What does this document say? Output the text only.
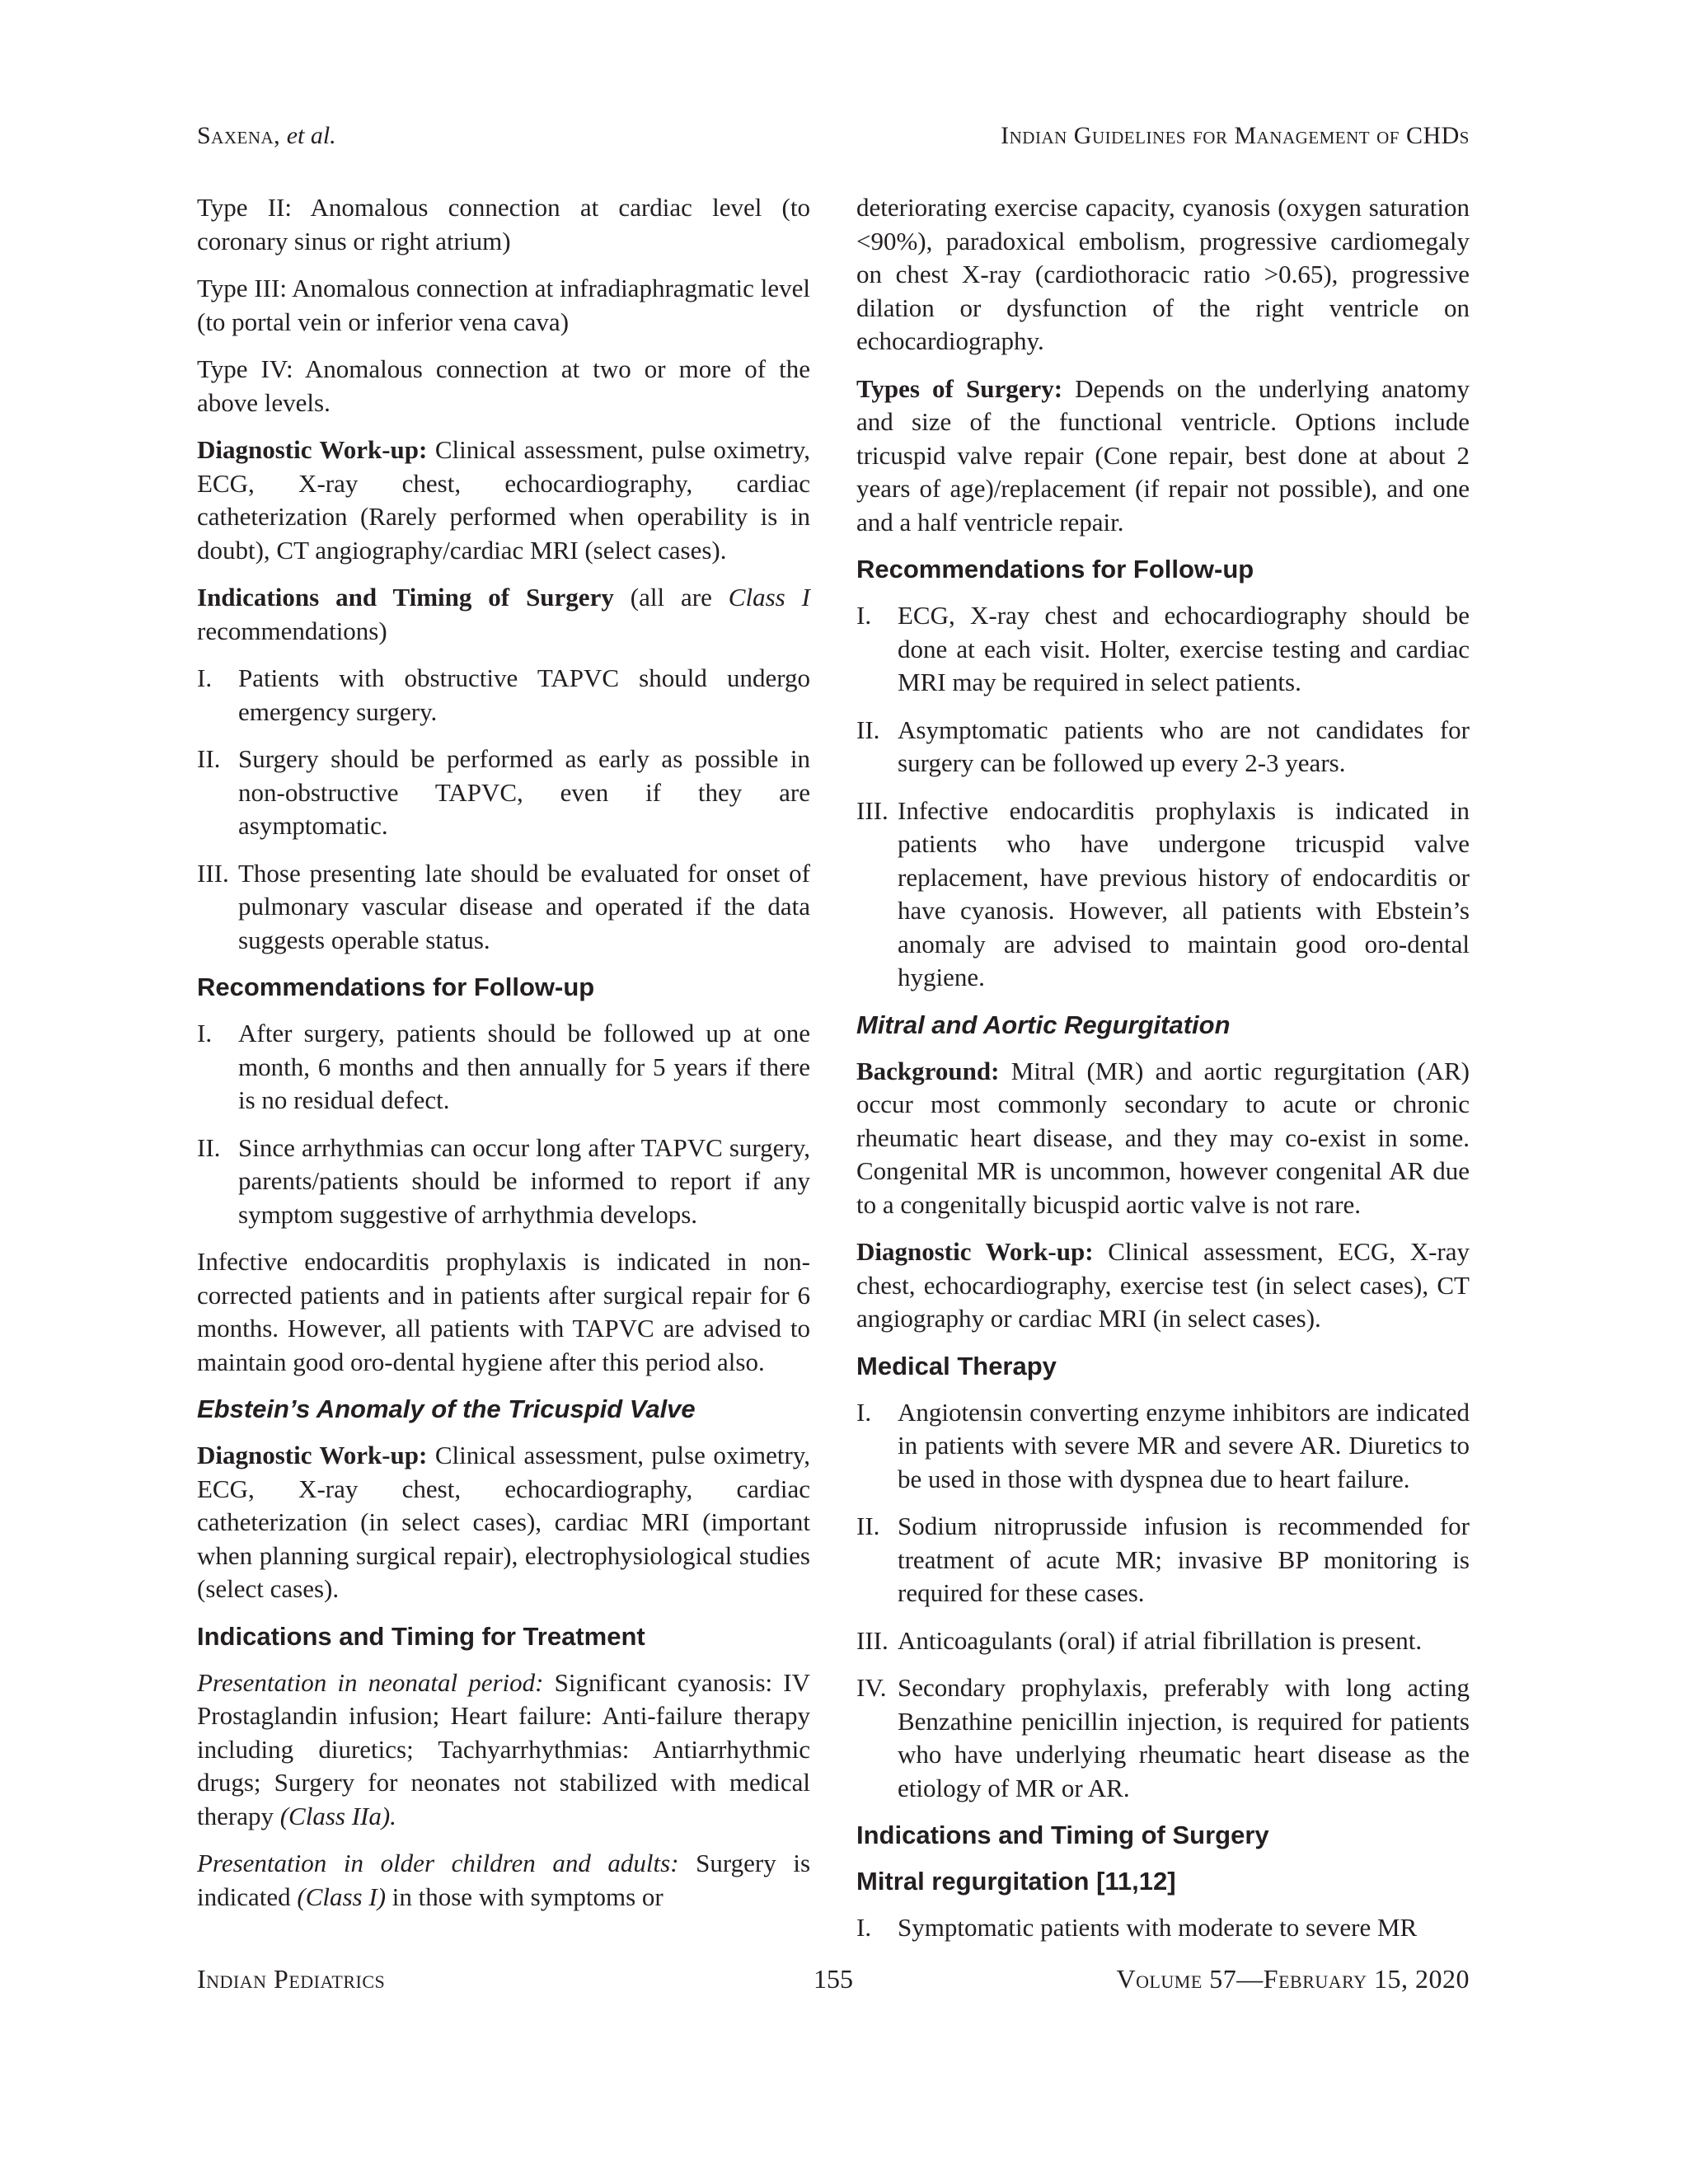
Saxena, et al.	Indian Guidelines for Management of CHDs

Type II: Anomalous connection at cardiac level (to coronary sinus or right atrium)

Type III: Anomalous connection at infradiaphragmatic level (to portal vein or inferior vena cava)

Type IV: Anomalous connection at two or more of the above levels.

Diagnostic Work-up: Clinical assessment, pulse oximetry, ECG, X-ray chest, echocardiography, cardiac catheterization (Rarely performed when operability is in doubt), CT angiography/cardiac MRI (select cases).

Indications and Timing of Surgery (all are Class I recommendations)

I. Patients with obstructive TAPVC should undergo emergency surgery.
II. Surgery should be performed as early as possible in non-obstructive TAPVC, even if they are asymptomatic.
III. Those presenting late should be evaluated for onset of pulmonary vascular disease and operated if the data suggests operable status.
Recommendations for Follow-up
I. After surgery, patients should be followed up at one month, 6 months and then annually for 5 years if there is no residual defect.
II. Since arrhythmias can occur long after TAPVC surgery, parents/patients should be informed to report if any symptom suggestive of arrhythmia develops.

Infective endocarditis prophylaxis is indicated in non-corrected patients and in patients after surgical repair for 6 months. However, all patients with TAPVC are advised to maintain good oro-dental hygiene after this period also.

Ebstein’s Anomaly of the Tricuspid Valve

Diagnostic Work-up: Clinical assessment, pulse oximetry, ECG, X-ray chest, echocardiography, cardiac catheterization (in select cases), cardiac MRI (important when planning surgical repair), electrophysiological studies (select cases).

Indications and Timing for Treatment

Presentation in neonatal period: Significant cyanosis: IV Prostaglandin infusion; Heart failure: Anti-failure therapy including diuretics; Tachyarrhythmias: Antiarrhythmic drugs; Surgery for neonates not stabilized with medical therapy (Class IIa).

Presentation in older children and adults: Surgery is indicated (Class I) in those with symptoms or

deteriorating exercise capacity, cyanosis (oxygen saturation <90%), paradoxical embolism, progressive cardiomegaly on chest X-ray (cardiothoracic ratio >0.65), progressive dilation or dysfunction of the right ventricle on echocardiography.

Types of Surgery: Depends on the underlying anatomy and size of the functional ventricle. Options include tricuspid valve repair (Cone repair, best done at about 2 years of age)/replacement (if repair not possible), and one and a half ventricle repair.

Recommendations for Follow-up
I. ECG, X-ray chest and echocardiography should be done at each visit. Holter, exercise testing and cardiac MRI may be required in select patients.
II. Asymptomatic patients who are not candidates for surgery can be followed up every 2-3 years.
III. Infective endocarditis prophylaxis is indicated in patients who have undergone tricuspid valve replacement, have previous history of endocarditis or have cyanosis. However, all patients with Ebstein’s anomaly are advised to maintain good oro-dental hygiene.
Mitral and Aortic Regurgitation

Background: Mitral (MR) and aortic regurgitation (AR) occur most commonly secondary to acute or chronic rheumatic heart disease, and they may co-exist in some. Congenital MR is uncommon, however congenital AR due to a congenitally bicuspid aortic valve is not rare.

Diagnostic Work-up: Clinical assessment, ECG, X-ray chest, echocardiography, exercise test (in select cases), CT angiography or cardiac MRI (in select cases).

Medical Therapy
I. Angiotensin converting enzyme inhibitors are indicated in patients with severe MR and severe AR. Diuretics to be used in those with dyspnea due to heart failure.
II. Sodium nitroprusside infusion is recommended for treatment of acute MR; invasive BP monitoring is required for these cases.
III. Anticoagulants (oral) if atrial fibrillation is present.
IV. Secondary prophylaxis, preferably with long acting Benzathine penicillin injection, is required for patients who have underlying rheumatic heart disease as the etiology of MR or AR.
Indications and Timing of Surgery
Mitral regurgitation [11,12]
I. Symptomatic patients with moderate to severe MR
Indian Pediatrics	155	Volume 57—February 15, 2020
